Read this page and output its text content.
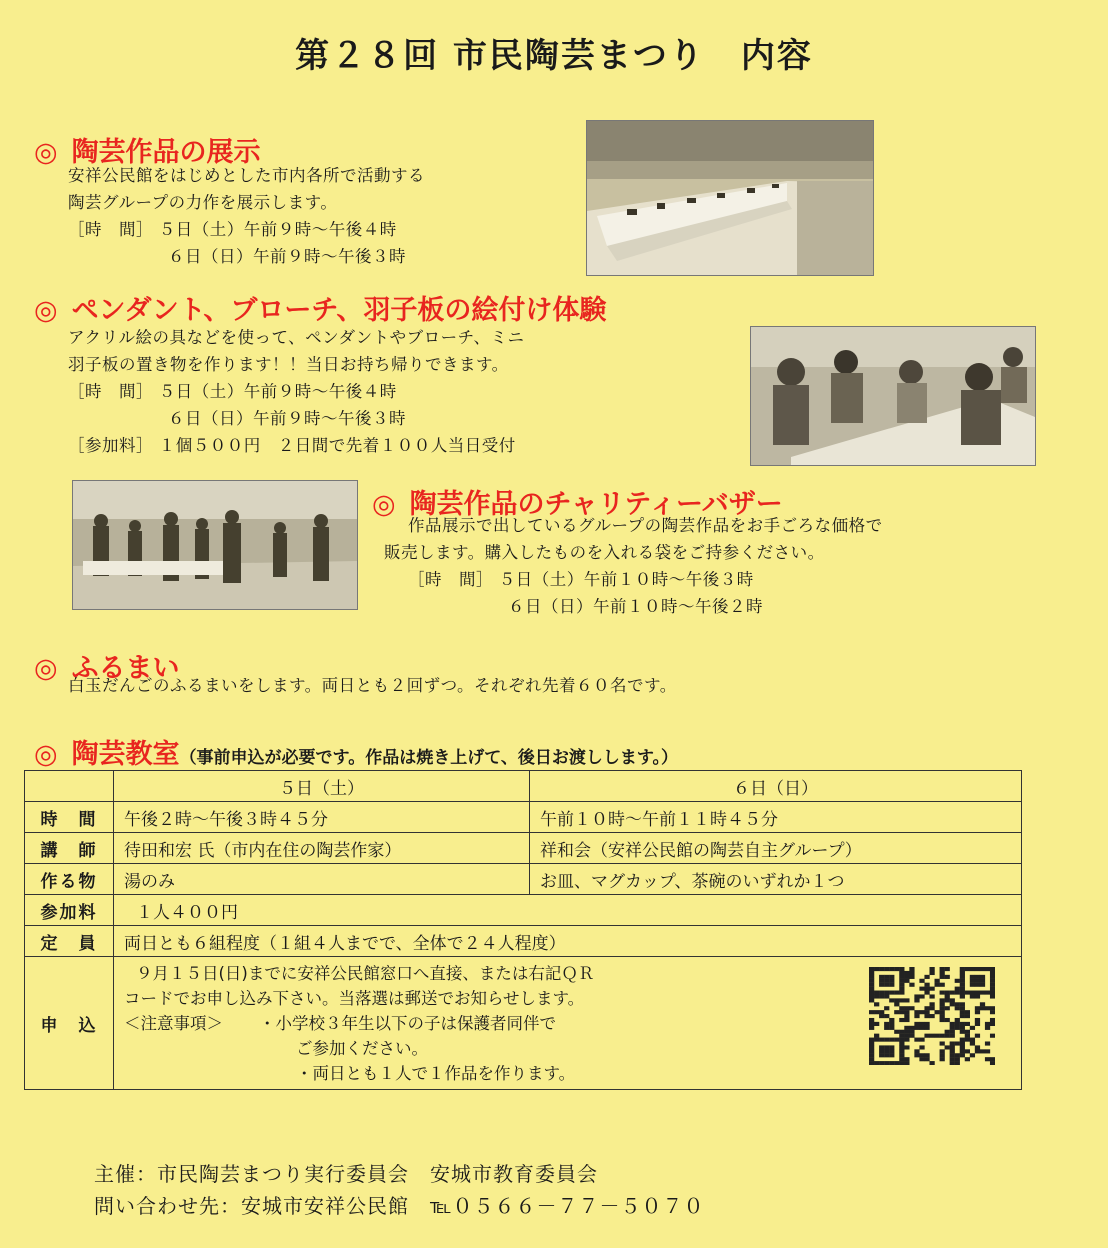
第２８回 市民陶芸まつり　内容
◎ 陶芸作品の展示
安祥公民館をはじめとした市内各所で活動する
陶芸グループの力作を展示します。
［時　間］ ５日（土）午前９時～午後４時
６日（日）午前９時～午後３時
◎ ペンダント、ブローチ、羽子板の絵付け体験
アクリル絵の具などを使って、ペンダントやブローチ、ミニ
羽子板の置き物を作ります！！当日お持ち帰りできます。
［時　間］ ５日（土）午前９時～午後４時
６日（日）午前９時～午後３時
［参加料］ １個５００円　２日間で先着１００人当日受付
◎ 陶芸作品のチャリティーバザー
作品展示で出しているグループの陶芸作品をお手ごろな価格で
販売します。購入したものを入れる袋をご持参ください。
［時　間］ ５日（土）午前１０時～午後３時
６日（日）午前１０時～午後２時
◎ ふるまい
白玉だんごのふるまいをします。両日とも２回ずつ。それぞれ先着６０名です。
◎ 陶芸教室（事前申込が必要です。作品は焼き上げて、後日お渡しします。）
	５日（土）	６日（日）
時　間	午後２時～午後３時４５分	午前１０時～午前１１時４５分
講　師	待田和宏 氏（市内在住の陶芸作家）	祥和会（安祥公民館の陶芸自主グループ）
作る物	湯のみ	お皿、マグカップ、茶碗のいずれか１つ
参加料	１人４００円	
定　員	両日とも６組程度（１組４人までで、全体で２４人程度）	
申　込	９月１５日(日)までに安祥公民館窓口へ直接、または右記ＱＲ
コードでお申し込み下さい。当落選は郵送でお知らせします。
＜注意事項＞ ・小学校３年生以下の子は保護者同伴で
ご参加ください。
・両日とも１人で１作品を作ります。	
主催：市民陶芸まつり実行委員会　安城市教育委員会
問い合わせ先：安城市安祥公民館　℡０５６６－７７－５０７０
